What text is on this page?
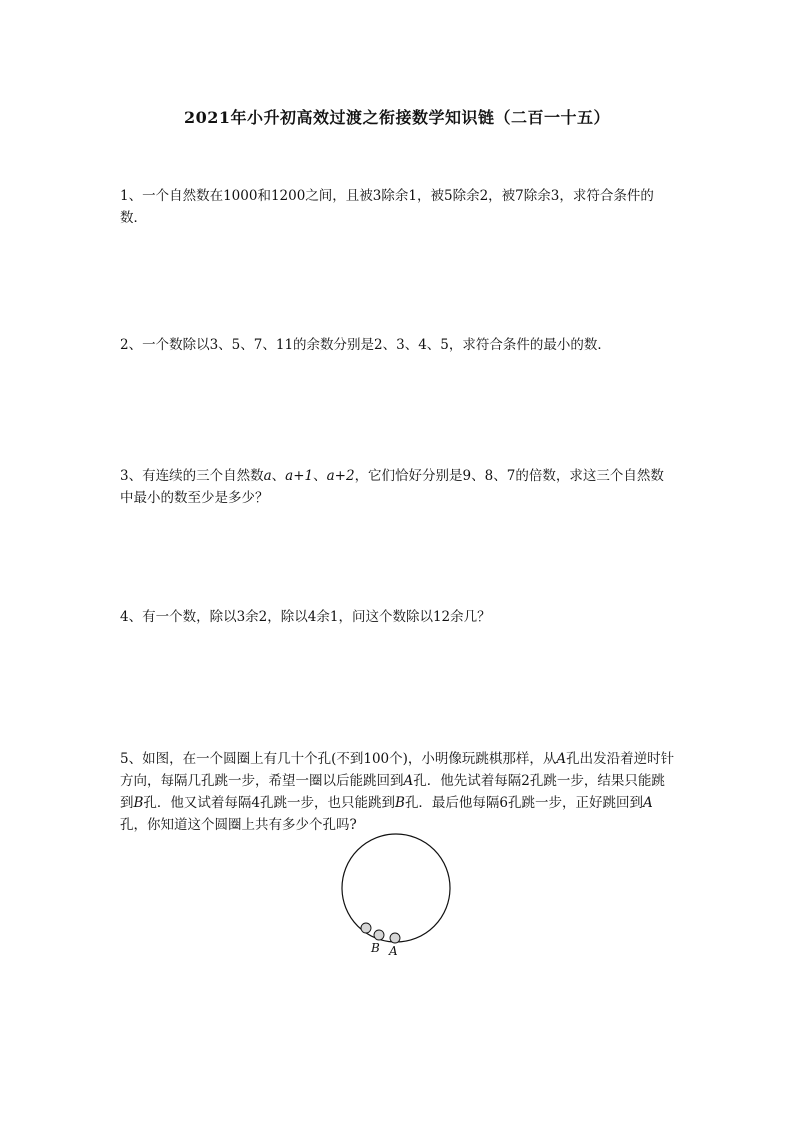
2021年小升初高效过渡之衔接数学知识链（二百一十五）
1、一个自然数在1000和1200之间，且被3除余1，被5除余2，被7除余3，求符合条件的数．
2、一个数除以3、5、7、11的余数分别是2、3、4、5，求符合条件的最小的数．
3、有连续的三个自然数a、a+1、a+2，它们恰好分别是9、8、7的倍数，求这三个自然数中最小的数至少是多少？
4、有一个数，除以3余2，除以4余1，问这个数除以12余几？
5、如图，在一个圆圈上有几十个孔(不到100个)，小明像玩跳棋那样，从A孔出发沿着逆时针方向，每隔几孔跳一步，希望一圈以后能跳回到A孔．他先试着每隔2孔跳一步，结果只能跳到B孔．他又试着每隔4孔跳一步，也只能跳到B孔．最后他每隔6孔跳一步，正好跳回到A孔，你知道这个圆圈上共有多少个孔吗?
B A
